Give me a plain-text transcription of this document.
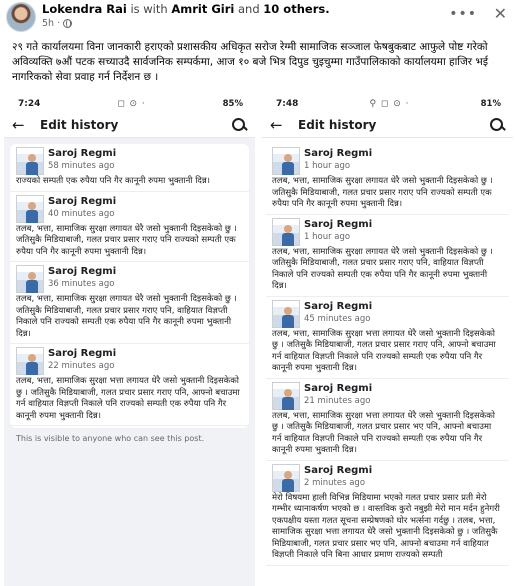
Lokendra Rai is with Amrit Giri and 10 others.
5h ·
••• ✕
२९ गते कार्यालयमा विना जानकारी हराएको प्रशासकीय अधिकृत सरोज रेग्मी सामाजिक सञ्जाल फेषबुकबाट आफुले पोष्ट गरेको अविव्यक्ति ७औं पटक सच्याउदै सार्वजनिक सम्पर्कमा, आज १० बजे भित्र दिपुड चुइचुम्मा गाउँपालिकाको कार्यालयमा हाजिर भई नागरिकको सेवा प्रवाह गर्न निर्देशन छ ।
7:24	◻ ⊙ ·	85%
←	Edit history
Saroj Regmi
58 minutes ago
राज्यको सम्पती एक रुपैया पनि गैर कानूनी रुपमा भुक्तानी दिन्न।
Saroj Regmi
40 minutes ago
तलब, भत्ता, सामाजिक सुरक्षा लगायत धेरै जसो भुक्तानी दिइसकेको छु । जतिसुकै मिडियाबाजी, गलत प्रचार प्रसार गराए पनि राज्यको सम्पती एक रुपैया पनि गैर कानूनी रुपमा भुक्तानी दिन्न।
Saroj Regmi
36 minutes ago
तलब, भत्ता, सामाजिक सुरक्षा लगायत धेरै जसो भुक्तानी दिइसकेको छु । जतिसुकै मिडियाबाजी, गलत प्रचार प्रसार गराए पनि, वाहियात विज्ञप्ती निकाले पनि राज्यको सम्पती एक रुपैया पनि गैर कानूनी रुपमा भुक्तानी दिन्न।
Saroj Regmi
22 minutes ago
तलब, भत्ता, सामाजिक सुरक्षा भत्ता लगायत धेरै जसो भुक्तानी दिइसकेको छु । जतिसुकै मिडियाबाजी, गलत प्रचार प्रसार गराए पनि, आफ्नो बचाउमा गर्न वाहियात विज्ञप्ती निकाले पनि राज्यको सम्पती एक रुपैया पनि गैर कानूनी रुपमा भुक्तानी दिन्न।
This is visible to anyone who can see this post.
7:48	⚲ ◻ ⊙ ·	81%
←	Edit history
Saroj Regmi
1 hour ago
तलब, भत्ता, सामाजिक सुरक्षा लगायत धेरै जसो भुक्तानी दिइसकेको छु । जतिसुकै मिडियाबाजी, गलत प्रचार प्रसार गराए पनि राज्यको सम्पती एक रुपैया पनि गैर कानूनी रुपमा भुक्तानी दिन्न।
Saroj Regmi
1 hour ago
तलब, भत्ता, सामाजिक सुरक्षा लगायत धेरै जसो भुक्तानी दिइसकेको छु । जतिसुकै मिडियाबाजी, गलत प्रचार प्रसार गराए पनि, वाहियात विज्ञप्ती निकाले पनि राज्यको सम्पती एक रुपैया पनि गैर कानूनी रुपमा भुक्तानी दिन्न।
Saroj Regmi
45 minutes ago
तलब, भत्ता, सामाजिक सुरक्षा भत्ता लगायत धेरै जसो भुक्तानी दिइसकेको छु । जतिसुकै मिडियाबाजी, गलत प्रचार प्रसार गराए पनि, आफ्नो बचाउमा गर्न वाहियात विज्ञप्ती निकाले पनि राज्यको सम्पती एक रुपैया पनि गैर कानूनी रुपमा भुक्तानी दिन्न।
Saroj Regmi
21 minutes ago
तलब, भत्ता, सामाजिक सुरक्षा भत्ता लगायत धेरै जसो भुक्तानी दिइसकेको छु । जतिसुकै मिडियाबाजी, गलत प्रचार प्रसार भए पनि, आफ्नो बचाउमा गर्न वाहियात विज्ञप्ती निकाले पनि राज्यको सम्पती एक रुपैया पनि गैर कानूनी रुपमा भुक्तानी दिन्न।
Saroj Regmi
2 minutes ago
मेरो विषयमा हाली विभिन्न मिडियामा भएको गलत प्रचार प्रसार प्रती मेरो गम्भीर ध्यानाकर्षण भएको छ । वास्तविक कुरो नबुझी मेरो मान मर्दन हुनेगरी एकपक्षीय यस्ता गलत सूचना सम्प्रेषणको घोर भर्त्सना गर्दछु । तलब, भत्ता, सामाजिक सुरक्षा भत्ता लगायत धेरै जसो भुक्तानी दिइसकेको छु । जतिसुकै मिडियाबाजी, गलत प्रचार प्रसार भए पनि, आफ्नो बचाउमा गर्न वाहियात विज्ञप्ती निकाले पनि बिना आधार प्रमाण राज्यको सम्पती
